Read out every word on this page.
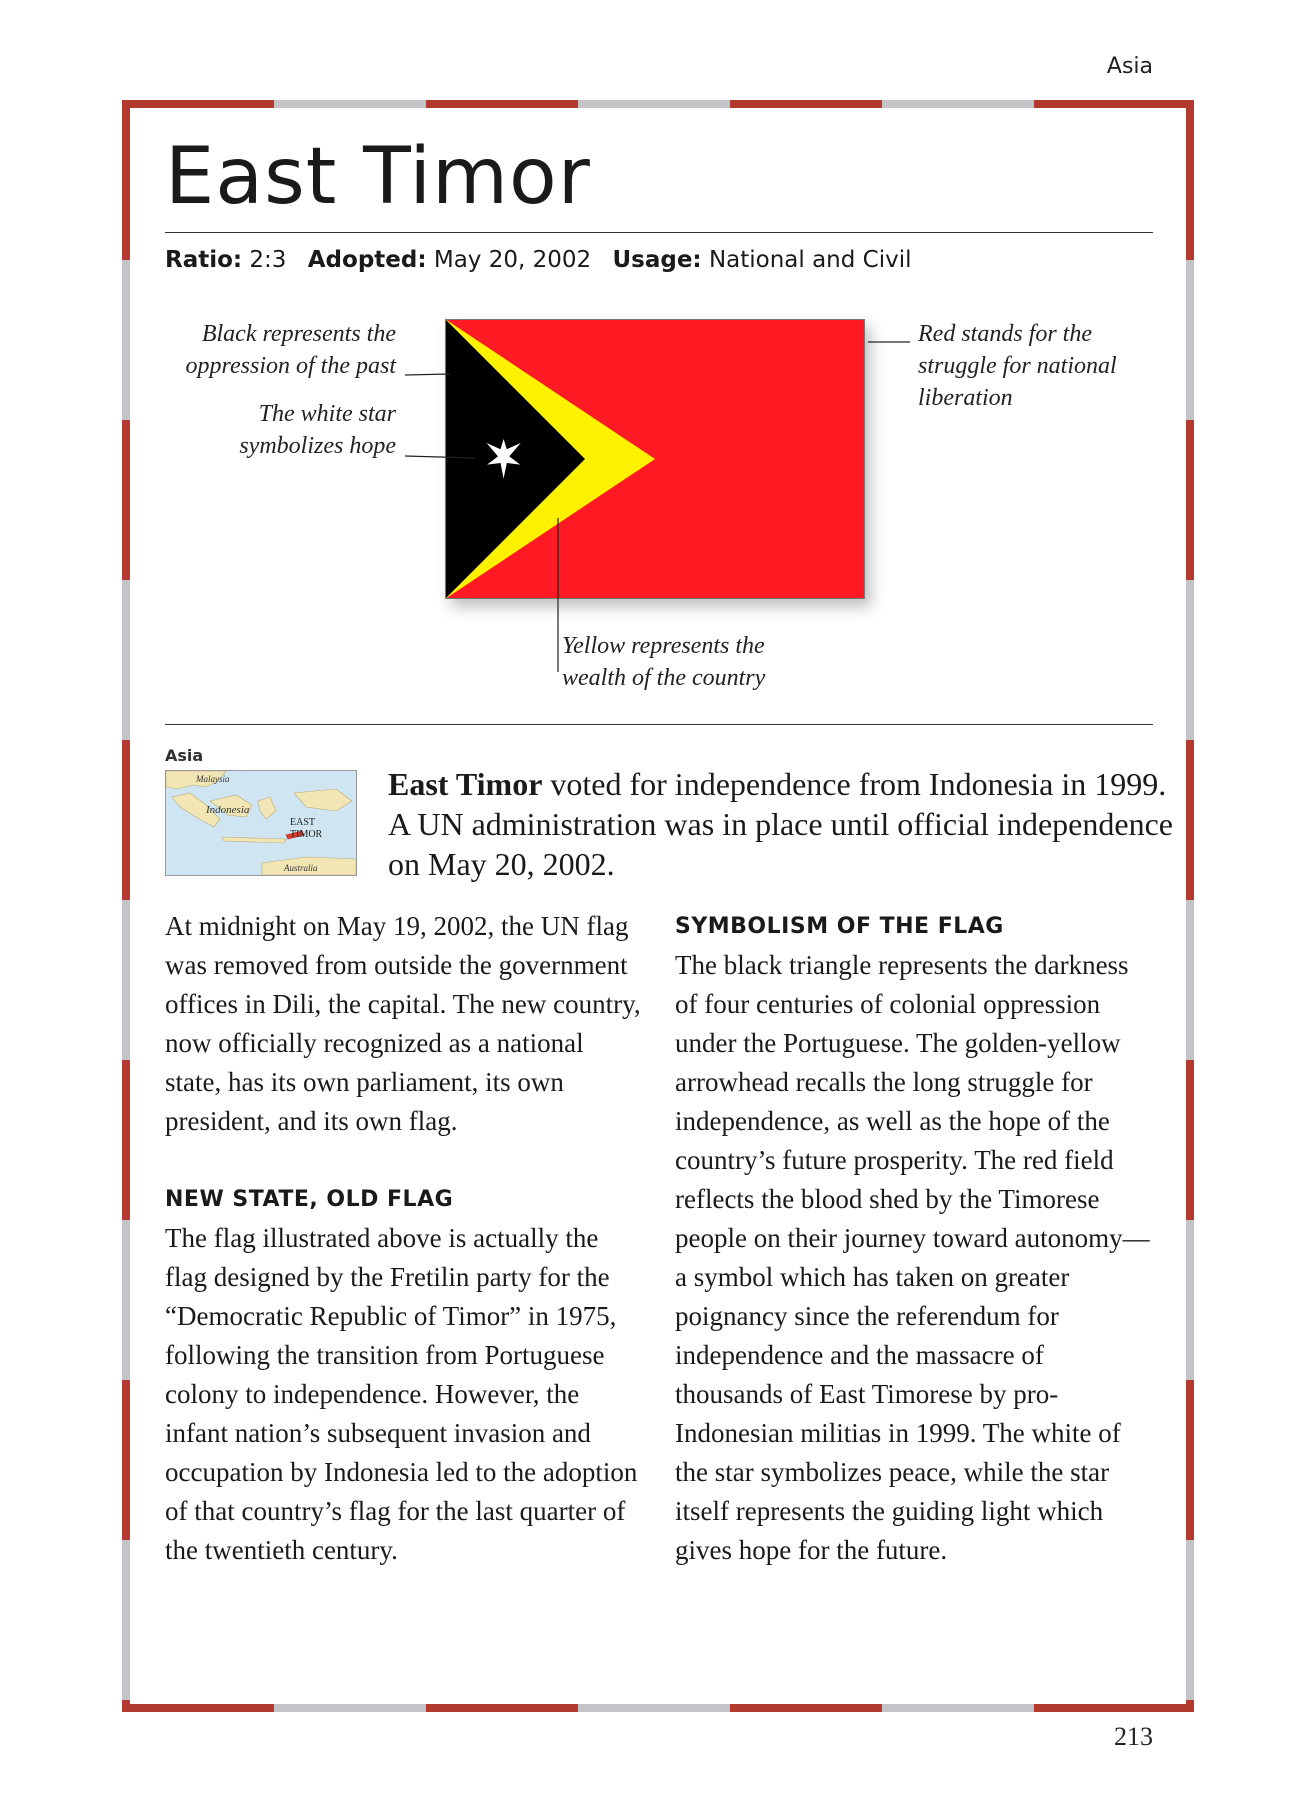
Asia
East Timor
Ratio: 2:3 Adopted: May 20, 2002 Usage: National and Civil
Black represents the
oppression of the past
The white star
symbolizes hope
Red stands for the
struggle for national
liberation
Yellow represents the
wealth of the country
Asia
Malaysia
Indonesia
EAST
TIMOR
Australia

East Timor voted for independence from Indonesia in 1999. A UN administration was in place until official independence on May 20, 2002.

At midnight on May 19, 2002, the UN flag was removed from outside the government offices in Dili, the capital. The new country, now officially recognized as a national state, has its own parliament, its own president, and its own flag.

NEW STATE, OLD FLAG

The flag illustrated above is actually the flag designed by the Fretilin party for the “Democratic Republic of Timor” in 1975, following the transition from Portuguese colony to independence. However, the infant nation’s subsequent invasion and occupation by Indonesia led to the adoption of that country’s flag for the last quarter of the twentieth century.

SYMBOLISM OF THE FLAG

The black triangle represents the darkness of four centuries of colonial oppression under the Portuguese. The golden-yellow arrowhead recalls the long struggle for independence, as well as the hope of the country’s future prosperity. The red field reflects the blood shed by the Timorese people on their journey toward autonomy—a symbol which has taken on greater poignancy since the referendum for independence and the massacre of thousands of East Timorese by pro-Indonesian militias in 1999. The white of the star symbolizes peace, while the star itself represents the guiding light which gives hope for the future.

213
